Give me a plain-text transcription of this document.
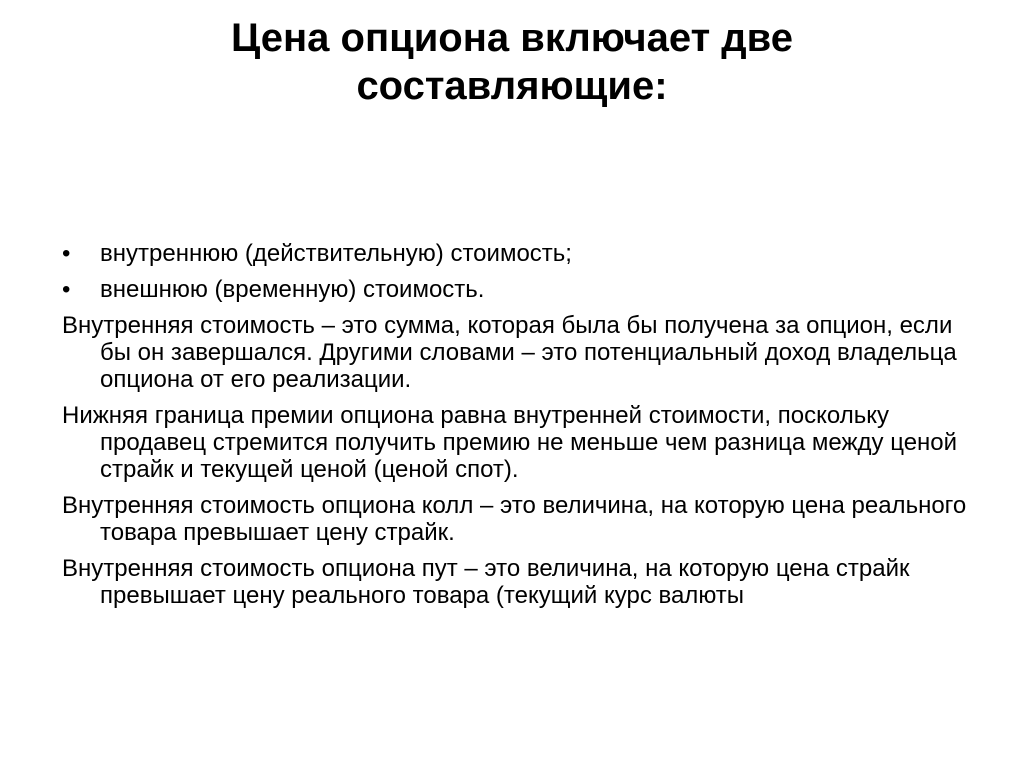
Цена опциона включает две
составляющие:
•	внутреннюю (действительную) стоимость;
•	внешнюю (временную) стоимость.
Внутренняя стоимость – это сумма, которая была бы получена за опцион, если бы он завершался. Другими словами – это потенциальный доход владельца опциона от его реализации.
Нижняя граница премии опциона равна внутренней стоимости, поскольку продавец стремится получить премию не меньше чем разница между ценой страйк и текущей ценой (ценой спот).
Внутренняя стоимость опциона колл – это величина, на которую цена реального товара превышает цену страйк.
Внутренняя стоимость опциона пут – это величина, на которую цена страйк превышает цену реального товара (текущий курс валюты
